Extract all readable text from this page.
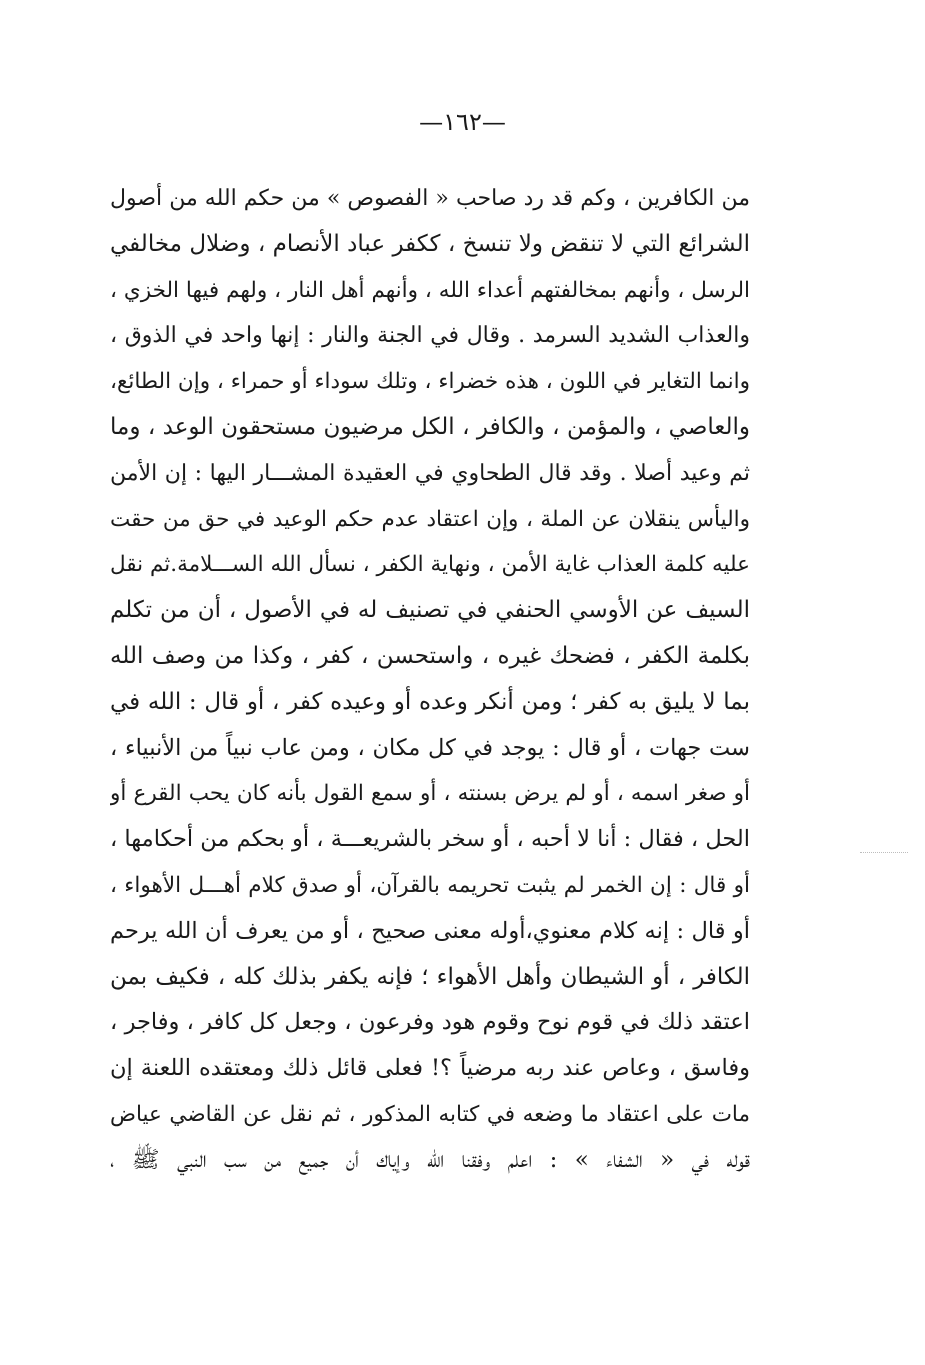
—١٦٢—
من الكافرين ، وكم قد رد صاحب « الفصوص » من حكم الله من أصول
الشرائع التي لا تنقض ولا تنسخ ، ككفر عباد الأنصام ، وضلال مخالفي
الرسل ، وأنهم بمخالفتهم أعداء الله ، وأنهم أهل النار ، ولهم فيها الخزي ،
والعذاب الشديد السرمد . وقال في الجنة والنار : إنها واحد في الذوق ،
وانما التغاير في اللون ، هذه خضراء ، وتلك سوداء أو حمراء ، وإن الطائع،
والعاصي ، والمؤمن ، والكافر ، الكل مرضيون مستحقون الوعد ، وما
ثم وعيد أصلا . وقد قال الطحاوي في العقيدة المشـــار اليها : إن الأمن
واليأس ينقلان عن الملة ، وإن اعتقاد عدم حكم الوعيد في حق من حقت
عليه كلمة العذاب غاية الأمن ، ونهاية الكفر ، نسأل الله الســـلامة.ثم نقل
السيف عن الأوسي الحنفي في تصنيف له في الأصول ، أن من تكلم
بكلمة الكفر ، فضحك غيره ، واستحسن ، كفر ، وكذا من وصف الله
بما لا يليق به كفر ؛ ومن أنكر وعده أو وعيده كفر ، أو قال : الله في
ست جهات ، أو قال : يوجد في كل مكان ، ومن عاب نبياً من الأنبياء ،
أو صغر اسمه ، أو لم يرض بسنته ، أو سمع القول بأنه كان يحب القرع أو
الحل ، فقال : أنا لا أحبه ، أو سخر بالشريعـــة ، أو بحكم من أحكامها ،
أو قال : إن الخمر لم يثبت تحريمه بالقرآن، أو صدق كلام أهـــل الأهواء ،
أو قال : إنه كلام معنوي،أوله معنى صحيح ، أو من يعرف أن الله يرحم
الكافر ، أو الشيطان وأهل الأهواء ؛ فإنه يكفر بذلك كله ، فكيف بمن
اعتقد ذلك في قوم نوح وقوم هود وفرعون ، وجعل كل كافر ، وفاجر ،
وفاسق ، وعاص عند ربه مرضياً ؟! فعلى قائل ذلك ومعتقده اللعنة إن
مات على اعتقاد ما وضعه في كتابه المذكور ، ثم نقل عن القاضي عياض
قوله في « الشفاء » : اعلم وفقنا الله وإياك أن جميع من سب النبي ﷺ ،
